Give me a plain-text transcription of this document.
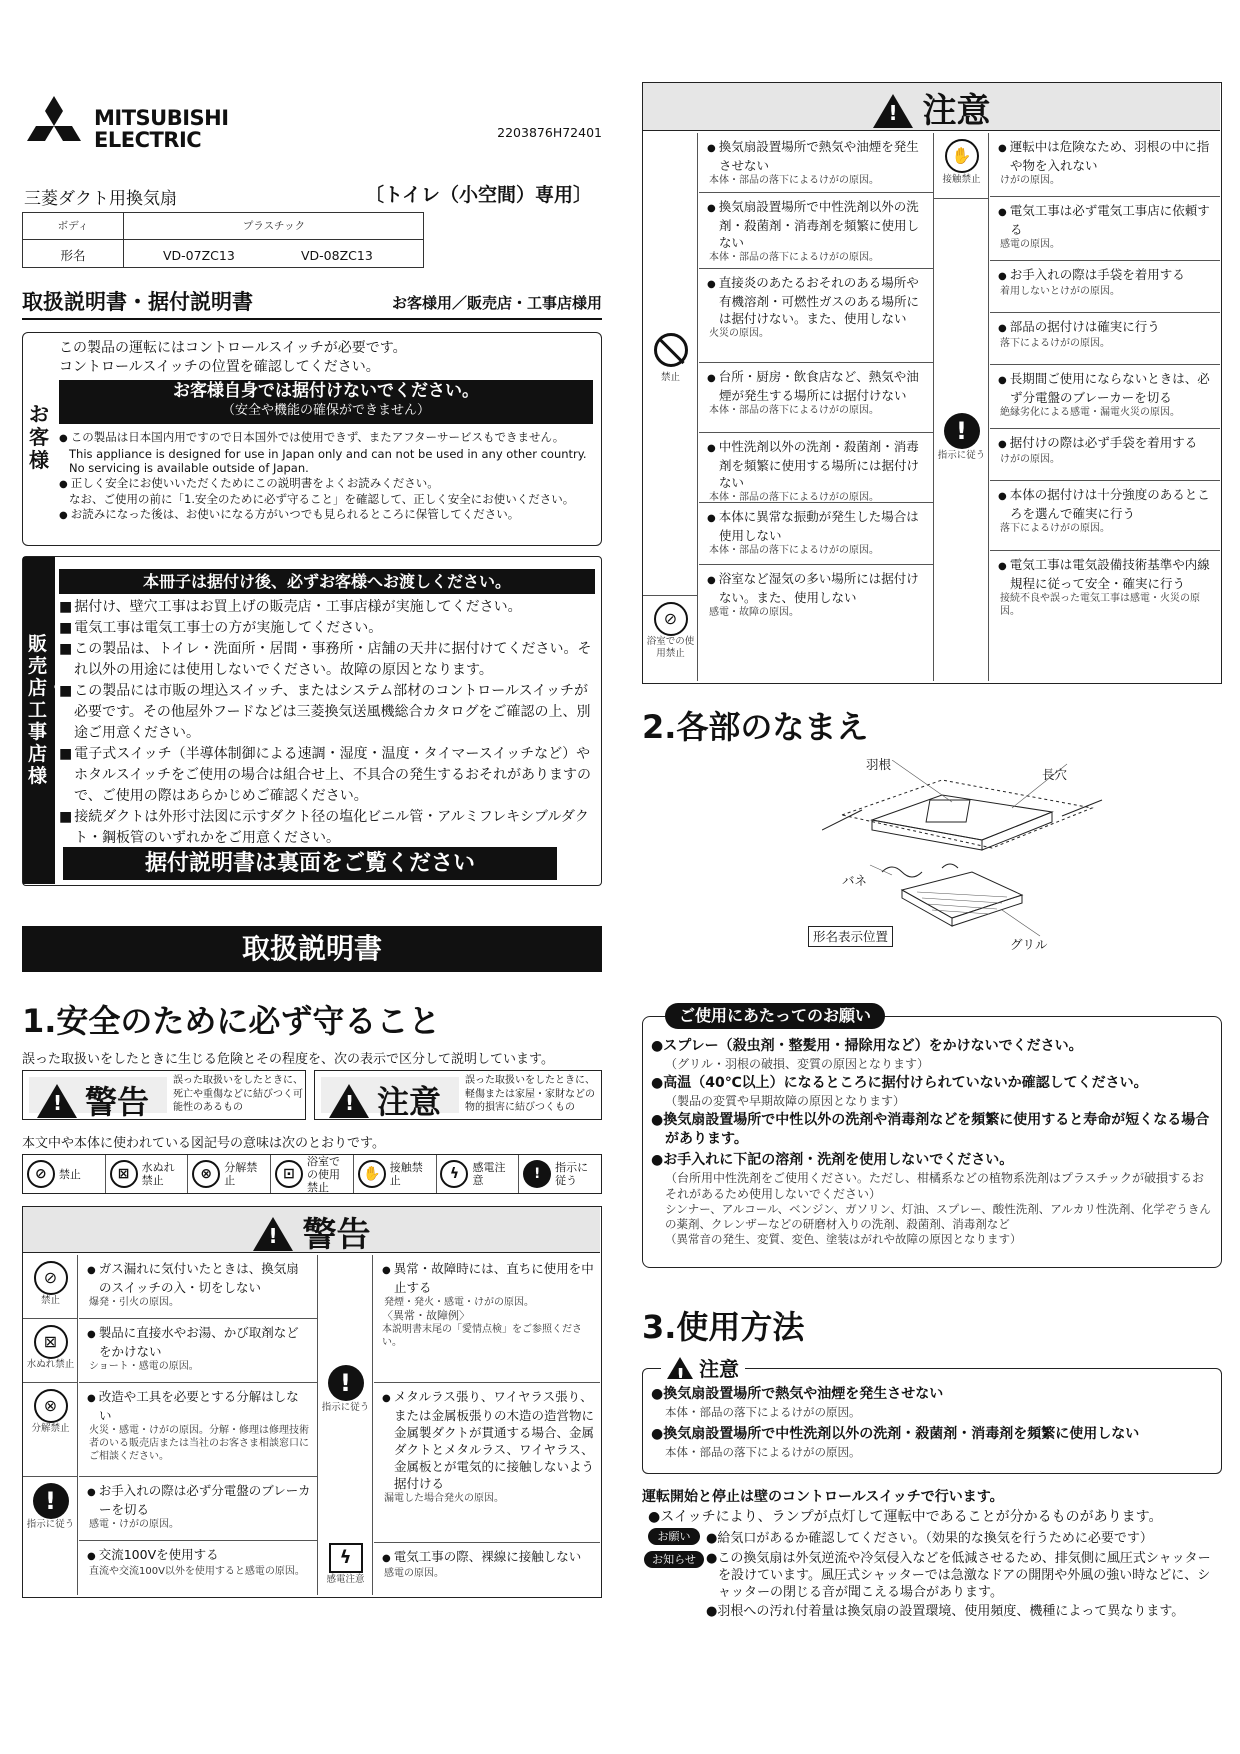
MITSUBISHI
ELECTRIC	2203876H72401
三菱ダクト用換気扇	〔トイレ（小空間）専用〕
ボディ	プラスチック
形名	VD-07ZC13	VD-08ZC13
取扱説明書・据付説明書	お客様用／販売店・工事店様用
お客様
この製品の運転にはコントロールスイッチが必要です。
コントロールスイッチの位置を確認してください。
お客様自身では据付けないでください。
（安全や機能の確保ができません）
● この製品は日本国内用ですので日本国外では使用できず、またアフターサービスもできません。
This appliance is designed for use in Japan only and can not be used in any other country.
No servicing is available outside of Japan.
● 正しく安全にお使いいただくためにこの説明書をよくお読みください。
なお、ご使用の前に「1.安全のために必ず守ること」を確認して、正しく安全にお使いください。
● お読みになった後は、お使いになる方がいつでも見られるところに保管してください。
販売店・工事店様
本冊子は据付け後、必ずお客様へお渡しください。
■ 据付け、壁穴工事はお買上げの販売店・工事店様が実施してください。
■ 電気工事は電気工事士の方が実施してください。
■ この製品は、トイレ・洗面所・居間・事務所・店舗の天井に据付けてください。それ以外の用途には使用しないでください。故障の原因となります。
■ この製品には市販の埋込スイッチ、またはシステム部材のコントロールスイッチが必要です。その他屋外フードなどは三菱換気送風機総合カタログをご確認の上、別途ご用意ください。
■ 電子式スイッチ（半導体制御による速調・湿度・温度・タイマースイッチなど）やホタルスイッチをご使用の場合は組合せ上、不具合の発生するおそれがありますので、ご使用の際はあらかじめご確認ください。
■ 接続ダクトは外形寸法図に示すダクト径の塩化ビニル管・アルミフレキシブルダクト・鋼板管のいずれかをご用意ください。
据付説明書は裏面をご覧ください
取扱説明書
1.安全のために必ず守ること
誤った取扱いをしたときに生じる危険とその程度を、次の表示で区分して説明しています。
!警告
誤った取扱いをしたときに、死亡や重傷などに結びつく可能性のあるもの
!	注意
誤った取扱いをしたときに、軽傷または家屋・家財などの物的損害に結びつくもの
本文中や本体に使われている図記号の意味は次のとおりです。
⊘	禁止	⊠	水ぬれ禁止	⊗	分解禁止	⊡
浴室での使用禁止
✋ 接触禁止	ϟ	感電注意	!	指示に従う
!警告
⊘
禁止
⊠
水ぬれ禁止
⊗
分解禁止
!
指示に従う
● ガス漏れに気付いたときは、換気扇のスイッチの入・切をしない
爆発・引火の原因。
● 製品に直接水やお湯、かび取剤などをかけない
ショート・感電の原因。
● 改造や工具を必要とする分解はしない
火災・感電・けがの原因。分解・修理は修理技術者のいる販売店または当社のお客さま相談窓口にご相談ください。
● お手入れの際は必ず分電盤のブレーカーを切る
感電・けがの原因。
● 交流100Vを使用する
直流や交流100V以外を使用すると感電の原因。
!
指示に従う
ϟ
感電注意
● 異常・故障時には、直ちに使用を中止する
発煙・発火・感電・けがの原因。
〈異常・故障例〉
本説明書末尾の「愛情点検」をご参照ください。
● メタルラス張り、ワイヤラス張り、または金属板張りの木造の造営物に金属製ダクトが貫通する場合、金属ダクトとメタルラス、ワイヤラス、金属板とが電気的に接触しないよう据付ける
漏電した場合発火の原因。
● 電気工事の際、裸線に接触しない
感電の原因。
!注意
禁止
⊘
浴室での使用禁止
● 換気扇設置場所で熱気や油煙を発生させない
本体・部品の落下によるけがの原因。
● 換気扇設置場所で中性洗剤以外の洗剤・殺菌剤・消毒剤を頻繁に使用しない
本体・部品の落下によるけがの原因。
● 直接炎のあたるおそれのある場所や有機溶剤・可燃性ガスのある場所には据付けない。また、使用しない
火災の原因。
● 台所・厨房・飲食店など、熱気や油煙が発生する場所には据付けない
本体・部品の落下によるけがの原因。
● 中性洗剤以外の洗剤・殺菌剤・消毒剤を頻繁に使用する場所には据付けない
本体・部品の落下によるけがの原因。
● 本体に異常な振動が発生した場合は使用しない
本体・部品の落下によるけがの原因。
● 浴室など湿気の多い場所には据付けない。また、使用しない
感電・故障の原因。
✋
接触禁止
!
指示に従う
● 運転中は危険なため、羽根の中に指や物を入れない
けがの原因。
● 電気工事は必ず電気工事店に依頼する
感電の原因。
● お手入れの際は手袋を着用する
着用しないとけがの原因。
● 部品の据付けは確実に行う
落下によるけがの原因。
● 長期間ご使用にならないときは、必ず分電盤のブレーカーを切る
絶縁劣化による感電・漏電火災の原因。
● 据付けの際は必ず手袋を着用する
けがの原因。
● 本体の据付けは十分強度のあるところを選んで確実に行う
落下によるけがの原因。
● 電気工事は電気設備技術基準や内線規程に従って安全・確実に行う
接続不良や誤った電気工事は感電・火災の原因。
2.各部のなまえ
羽根
長穴
バネ
形名表示位置
グリル
ご使用にあたってのお願い
●スプレー（殺虫剤・整髪用・掃除用など）をかけないでください。
（グリル・羽根の破損、変質の原因となります）
●高温（40℃以上）になるところに据付けられていないか確認してください。
（製品の変質や早期故障の原因となります）
●換気扇設置場所で中性以外の洗剤や消毒剤などを頻繁に使用すると寿命が短くなる場合があります。
●お手入れに下記の溶剤・洗剤を使用しないでください。
（台所用中性洗剤をご使用ください。ただし、柑橘系などの植物系洗剤はプラスチックが破損するおそれがあるため使用しないでください）
シンナー、アルコール、ベンジン、ガソリン、灯油、スプレー、酸性洗剤、アルカリ性洗剤、化学ぞうきんの薬剤、クレンザーなどの研磨材入りの洗剤、殺菌剤、消毒剤など
（異常音の発生、変質、変色、塗装はがれや故障の原因となります）
3.使用方法
!注意
●換気扇設置場所で熱気や油煙を発生させない
本体・部品の落下によるけがの原因。
●換気扇設置場所で中性洗剤以外の洗剤・殺菌剤・消毒剤を頻繁に使用しない
本体・部品の落下によるけがの原因。
運転開始と停止は壁のコントロールスイッチで行います。
●スイッチにより、ランプが点灯して運転中であることが分かるものがあります。
お願い	●給気口があるか確認してください。（効果的な換気を行うために必要です）
お知らせ ●この換気扇は外気逆流や冷気侵入などを低減させるため、排気側に風圧式シャッターを設けています。風圧式シャッターでは急激なドアの開閉や外風の強い時などに、シャッターの閉じる音が聞こえる場合があります。
●羽根への汚れ付着量は換気扇の設置環境、使用頻度、機種によって異なります。
